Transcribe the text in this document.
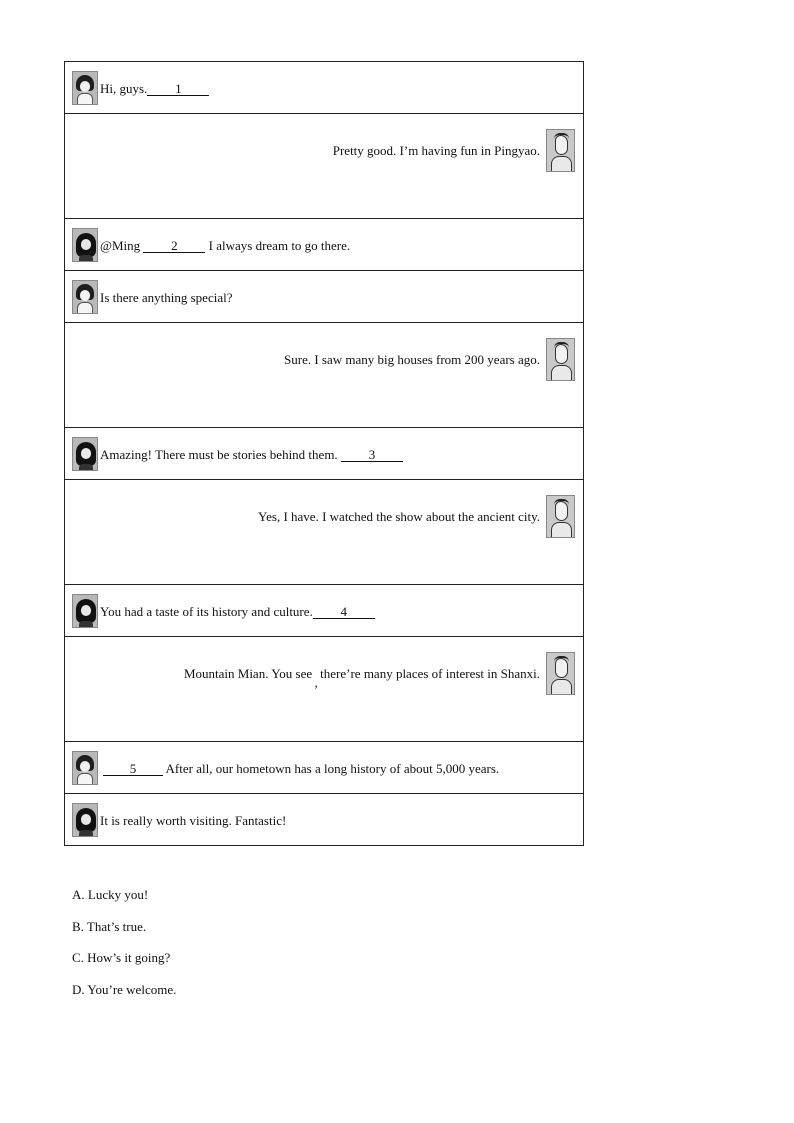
Hi, guys. 1

Pretty good. I’m having fun in Pingyao.

@Ming 2 I always dream to go there.

Is there anything special?

Sure. I saw many big houses from 200 years ago.

Amazing! There must be stories behind them. 3

Yes, I have. I watched the show about the ancient city.

You had a taste of its history and culture. 4

Mountain Mian. You see,there’re many places of interest in Shanxi.

5 After all, our hometown has a long history of about 5,000 years.

It is really worth visiting. Fantastic!
A. Lucky you!
B. That’s true.
C. How’s it going?
D. You’re welcome.
